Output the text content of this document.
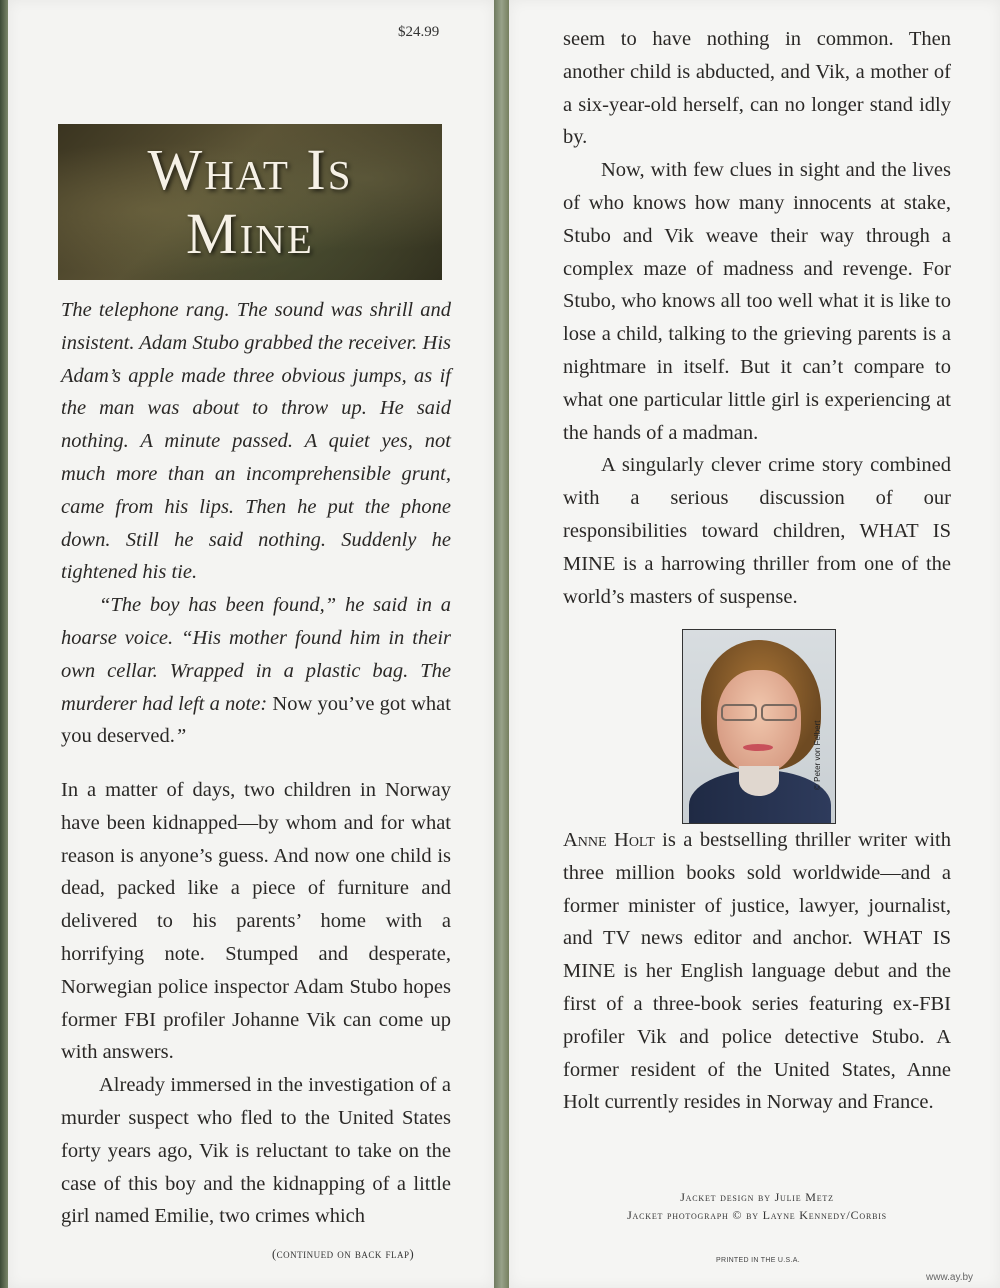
$24.99
What Is
Mine

The telephone rang. The sound was shrill and insistent. Adam Stubo grabbed the receiver. His Adam’s apple made three obvious jumps, as if the man was about to throw up. He said nothing. A minute passed. A quiet yes, not much more than an incomprehensible grunt, came from his lips. Then he put the phone down. Still he said nothing. Suddenly he tightened his tie.

“The boy has been found,” he said in a hoarse voice. “His mother found him in their own cellar. Wrapped in a plastic bag. The murderer had left a note: Now you’ve got what you deserved.”

In a matter of days, two children in Norway have been kidnapped—by whom and for what reason is anyone’s guess. And now one child is dead, packed like a piece of furniture and delivered to his parents’ home with a horrifying note. Stumped and desperate, Norwegian police inspector Adam Stubo hopes former FBI profiler Johanne Vik can come up with answers.

Already immersed in the investigation of a murder suspect who fled to the United States forty years ago, Vik is reluctant to take on the case of this boy and the kidnapping of a little girl named Emilie, two crimes which

(continued on back flap)

seem to have nothing in common. Then another child is abducted, and Vik, a mother of a six-year-old herself, can no longer stand idly by.

Now, with few clues in sight and the lives of who knows how many innocents at stake, Stubo and Vik weave their way through a complex maze of madness and revenge. For Stubo, who knows all too well what it is like to lose a child, talking to the grieving parents is a nightmare in itself. But it can’t compare to what one particular little girl is experiencing at the hands of a madman.

A singularly clever crime story combined with a serious discussion of our responsibilities toward children, WHAT IS MINE is a harrowing thriller from one of the world’s masters of suspense.

© Peter von Felbert

Anne Holt is a bestselling thriller writer with three million books sold worldwide—and a former minister of justice, lawyer, journalist, and TV news editor and anchor. WHAT IS MINE is her English language debut and the first of a three-book series featuring ex-FBI profiler Vik and police detective Stubo. A former resident of the United States, Anne Holt currently resides in Norway and France.

Jacket design by Julie Metz
Jacket photograph © by Layne Kennedy/Corbis
PRINTED IN THE U.S.A.
www.ay.by
